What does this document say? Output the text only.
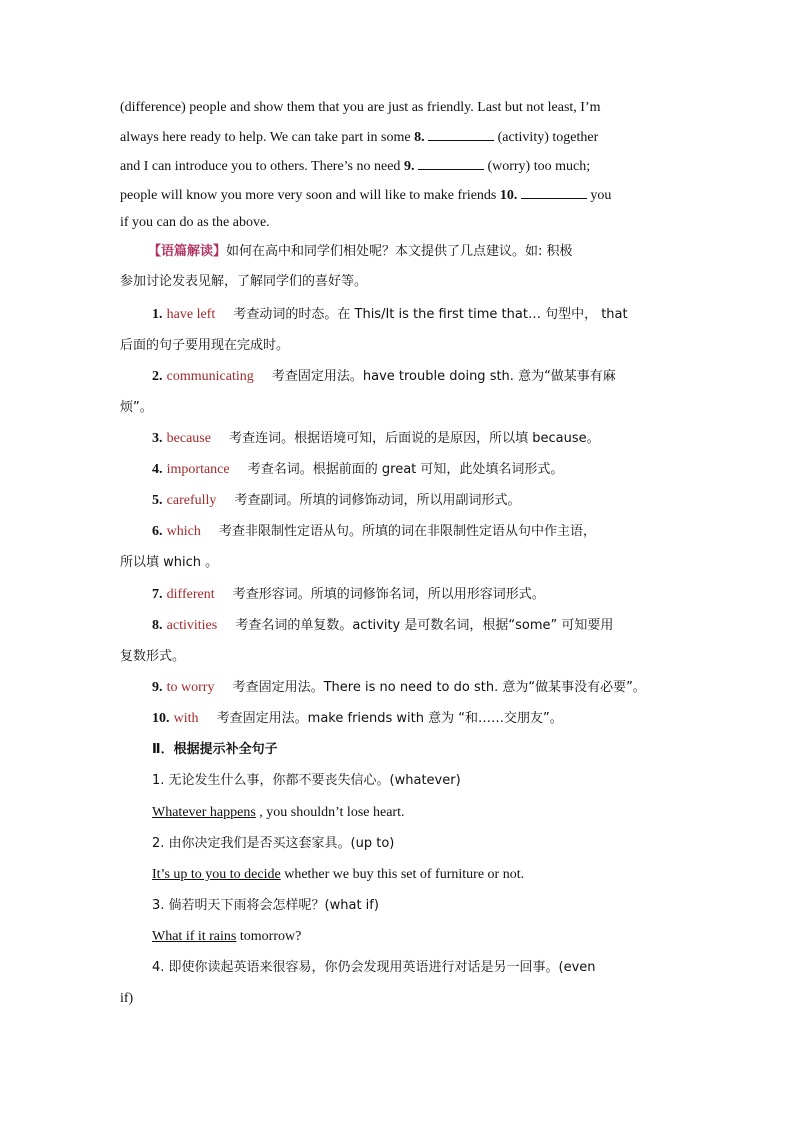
(difference) people and show them that you are just as friendly. Last but not least, I’m
always here ready to help. We can take part in some 8.	(activity) together
and I can introduce you to others. There’s no need 9.	(worry) too much;
people will know you more very soon and will like to make friends 10.	you
if you can do as the above.
【语篇解读】如何在高中和同学们相处呢？本文提供了几点建议。如: 积极
参加讨论发表见解，了解同学们的喜好等。
1. have left 考查动词的时态。在 This/It is the first time that… 句型中， that
后面的句子要用现在完成时。
2. communicating 考查固定用法。have trouble doing sth. 意为“做某事有麻
烦”。
3. because 考查连词。根据语境可知，后面说的是原因，所以填 because。
4. importance 考查名词。根据前面的 great 可知，此处填名词形式。
5. carefully 考查副词。所填的词修饰动词，所以用副词形式。
6. which 考查非限制性定语从句。所填的词在非限制性定语从句中作主语，
所以填 which 。
7. different 考查形容词。所填的词修饰名词，所以用形容词形式。
8. activities 考查名词的单复数。activity 是可数名词，根据“some” 可知要用
复数形式。
9. to worry 考查固定用法。There is no need to do sth. 意为“做某事没有必要”。
10. with 考查固定用法。make friends with 意为 “和……交朋友”。
Ⅱ．根据提示补全句子
1. 无论发生什么事，你都不要丧失信心。(whatever)
Whatever happens , you shouldn’t lose heart.
2. 由你决定我们是否买这套家具。(up to)
It’s up to you to decide whether we buy this set of furniture or not.
3. 倘若明天下雨将会怎样呢？(what if)
What if it rains tomorrow?
4. 即使你读起英语来很容易，你仍会发现用英语进行对话是另一回事。(even
if)
